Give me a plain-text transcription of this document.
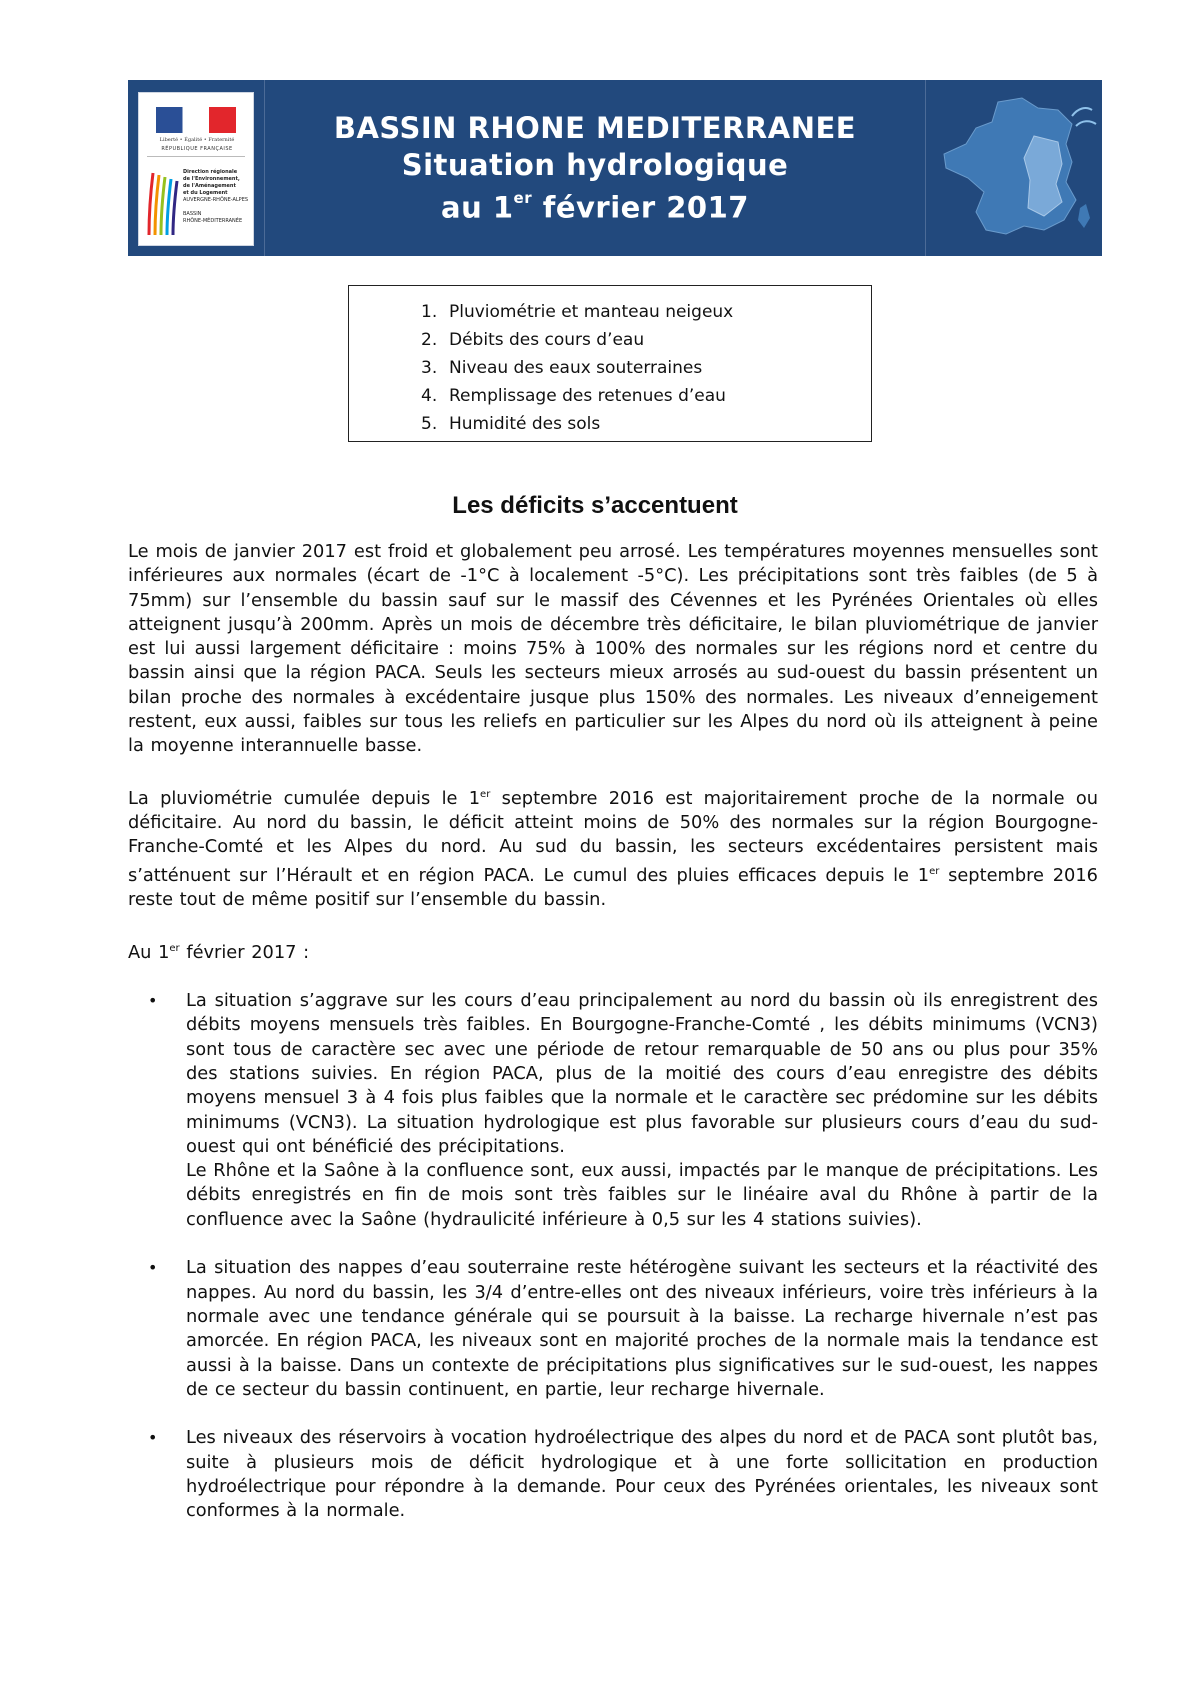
Liberté • Égalité • Fraternité
RÉPUBLIQUE FRANÇAISE
Direction régionale
de l'Environnement,
de l'Aménagement
et du Logement
AUVERGNE-RHÔNE-ALPES

BASSIN
RHÔNE-MÉDITERRANÉE
BASSIN RHONE MEDITERRANEE
Situation hydrologique
au 1er février 2017
1. Pluviométrie et manteau neigeux
2. Débits des cours d’eau
3. Niveau des eaux souterraines
4. Remplissage des retenues d’eau
5. Humidité des sols
Les déficits s’accentuent

Le mois de janvier 2017 est froid et globalement peu arrosé. Les températures moyennes mensuelles sont inférieures aux normales (écart de -1°C à localement -5°C). Les précipitations sont très faibles (de 5 à 75mm) sur l’ensemble du bassin sauf sur le massif des Cévennes et les Pyrénées Orientales où elles atteignent jusqu’à 200mm. Après un mois de décembre très déficitaire, le bilan pluviométrique de janvier est lui aussi largement déficitaire : moins 75% à 100% des normales sur les régions nord et centre du bassin ainsi que la région PACA. Seuls les secteurs mieux arrosés au sud-ouest du bassin présentent un bilan proche des normales à excédentaire jusque plus 150% des normales. Les niveaux d’enneigement restent, eux aussi, faibles sur tous les reliefs en particulier sur les Alpes du nord où ils atteignent à peine la moyenne interannuelle basse.

La pluviométrie cumulée depuis le 1er septembre 2016 est majoritairement proche de la normale ou déficitaire. Au nord du bassin, le déficit atteint moins de 50% des normales sur la région Bourgogne-Franche-Comté et les Alpes du nord. Au sud du bassin, les secteurs excédentaires persistent mais s’atténuent sur l’Hérault et en région PACA. Le cumul des pluies efficaces depuis le 1er septembre 2016 reste tout de même positif sur l’ensemble du bassin.

Au 1er février 2017 :

• La situation s’aggrave sur les cours d’eau principalement au nord du bassin où ils enregistrent des débits moyens mensuels très faibles. En Bourgogne-Franche-Comté , les débits minimums (VCN3) sont tous de caractère sec avec une période de retour remarquable de 50 ans ou plus pour 35% des stations suivies. En région PACA, plus de la moitié des cours d’eau enregistre des débits moyens mensuel 3 à 4 fois plus faibles que la normale et le caractère sec prédomine sur les débits minimums (VCN3). La situation hydrologique est plus favorable sur plusieurs cours d’eau du sud-ouest qui ont bénéficié des précipitations.

Le Rhône et la Saône à la confluence sont, eux aussi, impactés par le manque de précipitations. Les débits enregistrés en fin de mois sont très faibles sur le linéaire aval du Rhône à partir de la confluence avec la Saône (hydraulicité inférieure à 0,5 sur les 4 stations suivies).

• La situation des nappes d’eau souterraine reste hétérogène suivant les secteurs et la réactivité des nappes. Au nord du bassin, les 3/4 d’entre-elles ont des niveaux inférieurs, voire très inférieurs à la normale avec une tendance générale qui se poursuit à la baisse. La recharge hivernale n’est pas amorcée. En région PACA, les niveaux sont en majorité proches de la normale mais la tendance est aussi à la baisse. Dans un contexte de précipitations plus significatives sur le sud-ouest, les nappes de ce secteur du bassin continuent, en partie, leur recharge hivernale.

• Les niveaux des réservoirs à vocation hydroélectrique des alpes du nord et de PACA sont plutôt bas, suite à plusieurs mois de déficit hydrologique et à une forte sollicitation en production hydroélectrique pour répondre à la demande. Pour ceux des Pyrénées orientales, les niveaux sont conformes à la normale.
